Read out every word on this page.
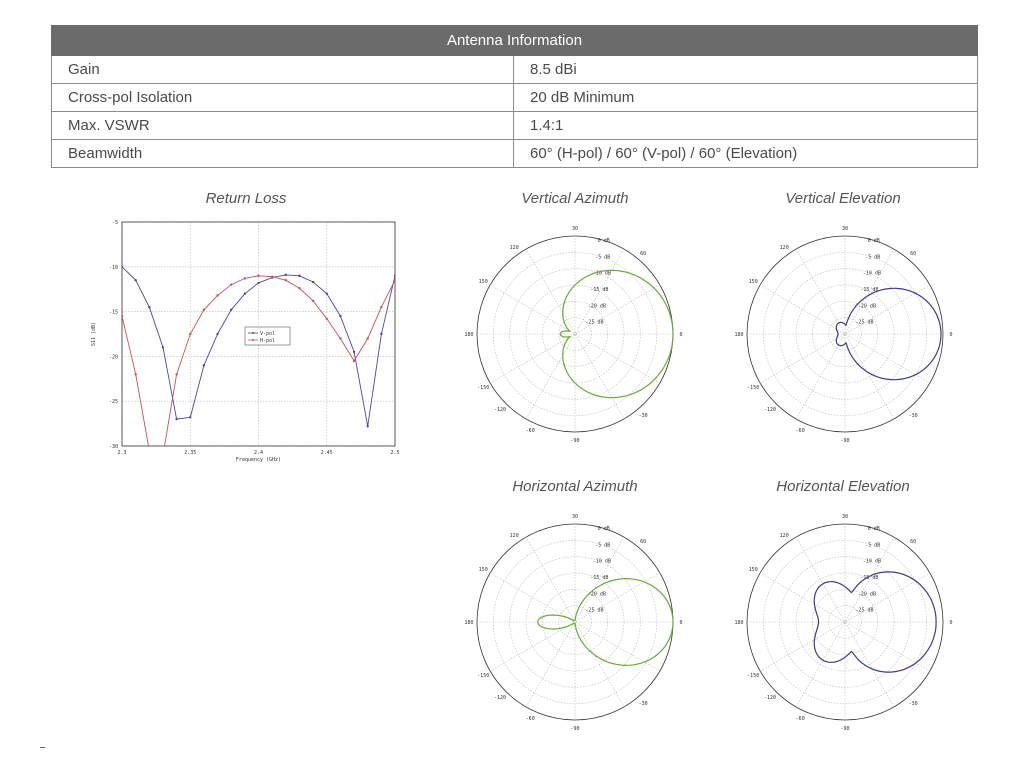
Antenna Information	
Gain	8.5 dBi
Cross-pol Isolation	20 dB Minimum
Max. VSWR	1.4:1
Beamwidth	60° (H-pol) / 60° (V-pol) / 60° (Elevation)
Return Loss	Vertical Azimuth	Vertical Elevation
Horizontal Azimuth	Horizontal Elevation
2.3	2.35	2.4	2.45	2.5
-5
-10
-15
-20
-25
-30
Frequency (GHz)
S11 (dB)	V-pol
H-pol
30
60
0
-30
-60
-90
-120
-150
180
150
120
0 dB
-5 dB
-10 dB
-15 dB
-20 dB
-25 dB
30
60
0
-30
-60
-90
-120
-150
180
150
120
0 dB
-5 dB
-10 dB
-15 dB
-20 dB
-25 dB
30
60
0
-30
-60
-90
-120
-150
180
150
120
0 dB
-5 dB
-10 dB
-15 dB
-20 dB
-25 dB
30
60
0
-30
-60
-90
-120
-150
180
150
120
0 dB
-5 dB
-10 dB
-15 dB
-20 dB
-25 dB
